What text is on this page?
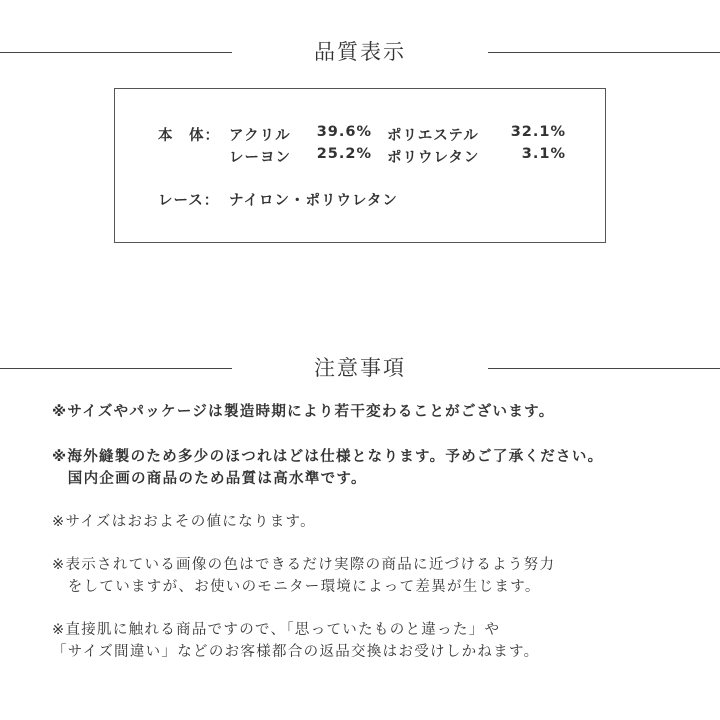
品質表示
本　体： アクリル	39.6% ポリエステル	32.1%
レーヨン	25.2% ポリウレタン	3.1%
レース： ナイロン・ポリウレタン
注意事項
※サイズやパッケージは製造時期により若干変わることがございます。
※海外縫製のため多少のほつれはどは仕様となります。予めご了承ください。
　国内企画の商品のため品質は高水準です。
※サイズはおおよその値になります。
※表示されている画像の色はできるだけ実際の商品に近づけるよう努力
　をしていますが、お使いのモニター環境によって差異が生じます。
※直接肌に触れる商品ですので、「思っていたものと違った」や
「サイズ間違い」などのお客様都合の返品交換はお受けしかねます。
